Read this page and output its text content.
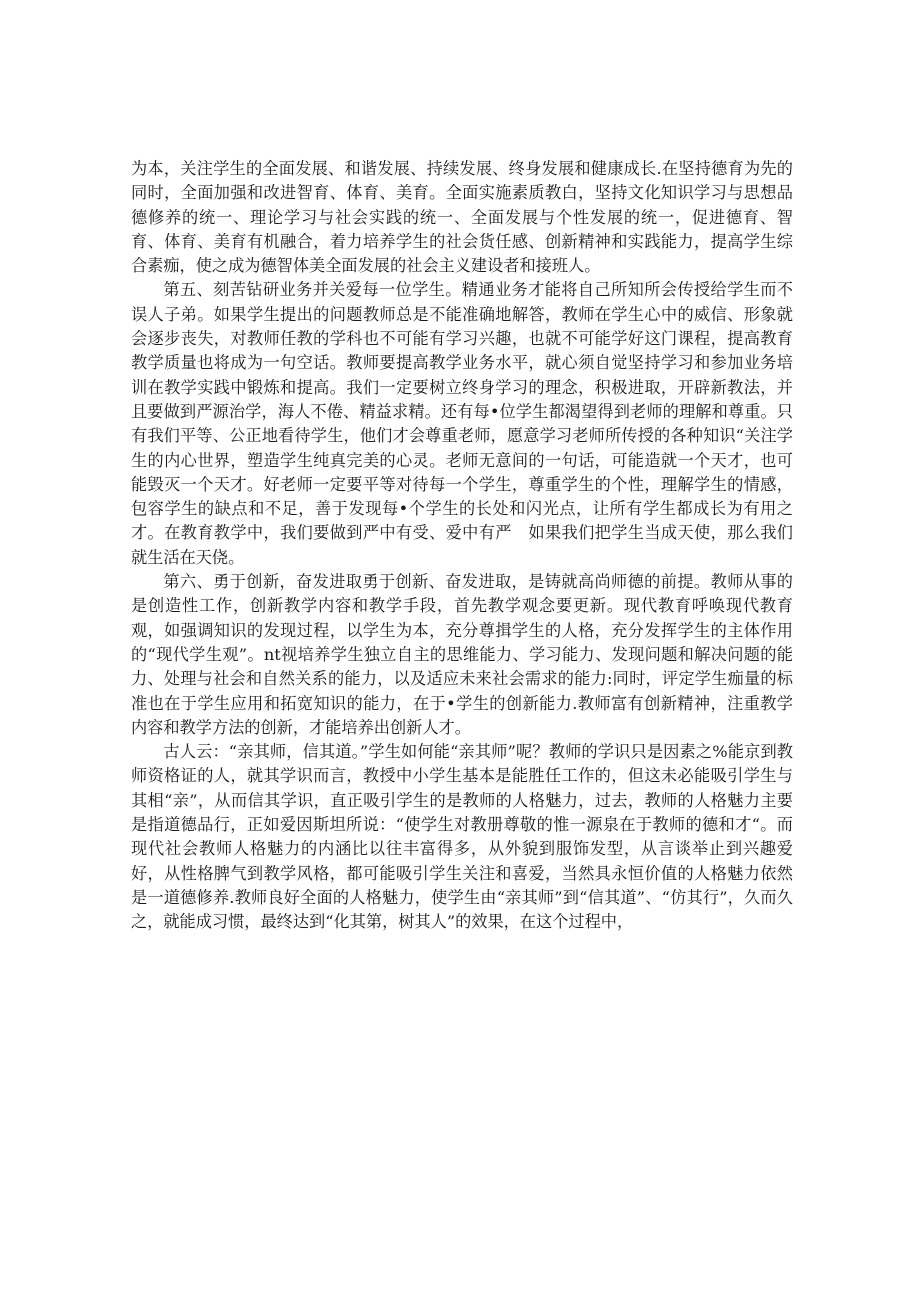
为本，关注学生的全面发展、和谐发展、持续发展、终身发展和健康成长.在坚持德育为先的同时，全面加强和改进智育、体育、美育。全面实施素质教白，坚持文化知识学习与思想品德修养的统一、理论学习与社会实践的统一、全面发展与个性发展的统一，促进德育、智育、体育、美育有机融合，着力培养学生的社会货任感、创新精神和实践能力，提高学生综合素痂，使之成为德智体美全面发展的社会主义建设者和接班人。

第五、刻苦钻研业务并关爱每一位学生。精通业务才能将自己所知所会传授给学生而不误人子弟。如果学生提出的问题教师总是不能准确地解答，教师在学生心中的威信、形象就会逐步丧失，对教师任教的学科也不可能有学习兴趣，也就不可能学好这门课程，提高教育教学质量也将成为一句空话。教师要提高教学业务水平，就心须自觉坚持学习和参加业务培训在教学实践中锻炼和提高。我们一定要树立终身学习的理念，积极进取，开辟新教法，并且要做到严源治学，海人不倦、精益求精。还有每•位学生都渴望得到老师的理解和尊重。只有我们平等、公正地看待学生，他们才会尊重老师，愿意学习老师所传授的各种知识“关注学生的内心世界，塑造学生纯真完美的心灵。老师无意间的一句话，可能造就一个天才，也可能毁灭一个天才。好老师一定要平等对待每一个学生，尊重学生的个性，理解学生的情感，包容学生的缺点和不足，善于发现每•个学生的长处和闪光点，让所有学生都成长为有用之才。在教育教学中，我们要做到严中有受、爱中有严　如果我们把学生当成天使，那么我们就生活在天侥。

第六、勇于创新，奋发进取勇于创新、奋发进取，是铸就高尚师德的前提。教师从事的是创造性工作，创新教学内容和教学手段，首先教学观念要更新。现代教育呼唤现代教育观，如强调知识的发现过程，以学生为本，充分尊揖学生的人格，充分发挥学生的主体作用的“现代学生观”。nt视培养学生独立自主的思维能力、学习能力、发现问题和解决问题的能力、处理与社会和自然关系的能力，以及适应未来社会需求的能力:同时，评定学生痂量的标准也在于学生应用和拓宽知识的能力，在于•学生的创新能力.教师富有创新精神，注重教学内容和教学方法的创新，才能培养出创新人才。

古人云：“亲其师，信其道。”学生如何能“亲其师”呢？教师的学识只是因素之%能京到教师资格证的人，就其学识而言，教授中小学生基本是能胜任工作的，但这未必能吸引学生与其相“亲”，从而信其学识，直正吸引学生的是教师的人格魅力，过去，教师的人格魅力主要是指道德品行，正如爱因斯坦所说：“使学生对教册尊敬的惟一源泉在于教师的德和才“。而现代社会教师人格魅力的内涵比以往丰富得多，从外貌到服饰发型，从言谈举止到兴趣爱好，从性格脾气到教学风格，都可能吸引学生关注和喜爱，当然具永恒价值的人格魅力依然是一道德修养.教师良好全面的人格魅力，使学生由“亲其师”到“信其道”、“仿其行”，久而久之，就能成习惯，最终达到“化其第，树其人”的效果，在这个过程中，
